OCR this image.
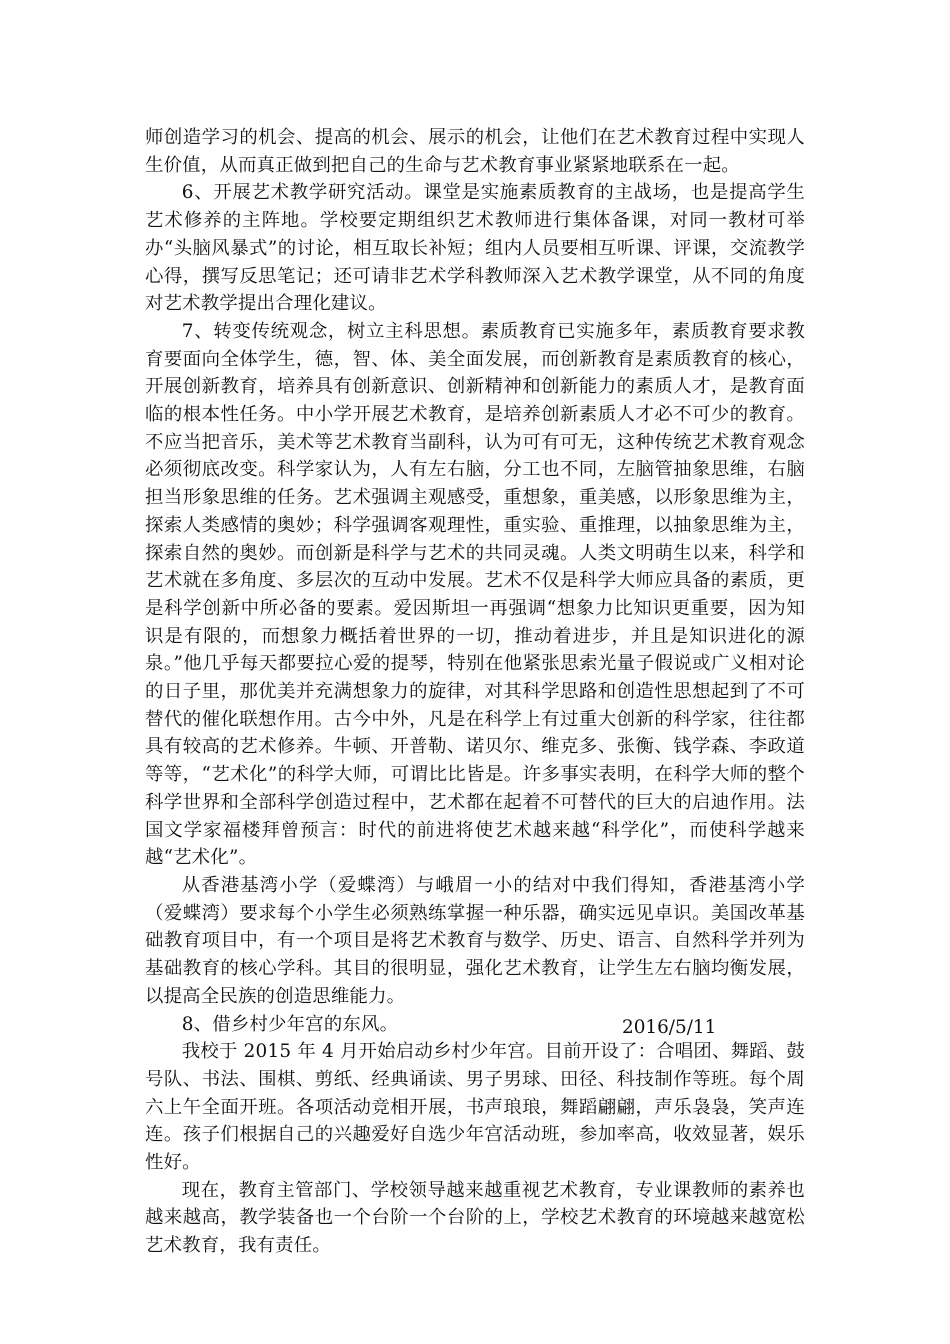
师创造学习的机会、提高的机会、展示的机会，让他们在艺术教育过程中实现人生价值，从而真正做到把自己的生命与艺术教育事业紧紧地联系在一起。

6、开展艺术教学研究活动。课堂是实施素质教育的主战场，也是提高学生艺术修养的主阵地。学校要定期组织艺术教师进行集体备课，对同一教材可举办“头脑风暴式”的讨论，相互取长补短；组内人员要相互听课、评课，交流教学心得，撰写反思笔记；还可请非艺术学科教师深入艺术教学课堂，从不同的角度对艺术教学提出合理化建议。

7、转变传统观念，树立主科思想。素质教育已实施多年，素质教育要求教育要面向全体学生，德，智、体、美全面发展，而创新教育是素质教育的核心，开展创新教育，培养具有创新意识、创新精神和创新能力的素质人才，是教育面临的根本性任务。中小学开展艺术教育，是培养创新素质人才必不可少的教育。不应当把音乐，美术等艺术教育当副科，认为可有可无，这种传统艺术教育观念必须彻底改变。科学家认为，人有左右脑，分工也不同，左脑管抽象思维，右脑担当形象思维的任务。艺术强调主观感受，重想象，重美感，以形象思维为主，探索人类感情的奥妙；科学强调客观理性，重实验、重推理，以抽象思维为主，探索自然的奥妙。而创新是科学与艺术的共同灵魂。人类文明萌生以来，科学和艺术就在多角度、多层次的互动中发展。艺术不仅是科学大师应具备的素质，更是科学创新中所必备的要素。爱因斯坦一再强调“想象力比知识更重要，因为知识是有限的，而想象力概括着世界的一切，推动着进步，并且是知识进化的源泉。”他几乎每天都要拉心爱的提琴，特别在他紧张思索光量子假说或广义相对论的日子里，那优美并充满想象力的旋律，对其科学思路和创造性思想起到了不可替代的催化联想作用。古今中外，凡是在科学上有过重大创新的科学家，往往都具有较高的艺术修养。牛顿、开普勒、诺贝尔、维克多、张衡、钱学森、李政道等等，“艺术化”的科学大师，可谓比比皆是。许多事实表明，在科学大师的整个科学世界和全部科学创造过程中，艺术都在起着不可替代的巨大的启迪作用。法国文学家福楼拜曾预言：时代的前进将使艺术越来越“科学化”，而使科学越来越“艺术化”。

从香港基湾小学（爱蝶湾）与峨眉一小的结对中我们得知，香港基湾小学（爱蝶湾）要求每个小学生必须熟练掌握一种乐器，确实远见卓识。美国改革基础教育项目中，有一个项目是将艺术教育与数学、历史、语言、自然科学并列为基础教育的核心学科。其目的很明显，强化艺术教育，让学生左右脑均衡发展，以提高全民族的创造思维能力。

8、借乡村少年宫的东风。

我校于 2015 年 4 月开始启动乡村少年宫。目前开设了：合唱团、舞蹈、鼓号队、书法、围棋、剪纸、经典诵读、男子男球、田径、科技制作等班。每个周六上午全面开班。各项活动竞相开展，书声琅琅，舞蹈翩翩，声乐袅袅，笑声连连。孩子们根据自己的兴趣爱好自选少年宫活动班，参加率高，收效显著，娱乐性好。

现在，教育主管部门、学校领导越来越重视艺术教育，专业课教师的素养也越来越高，教学装备也一个台阶一个台阶的上，学校艺术教育的环境越来越宽松艺术教育，我有责任。

2016/5/11
